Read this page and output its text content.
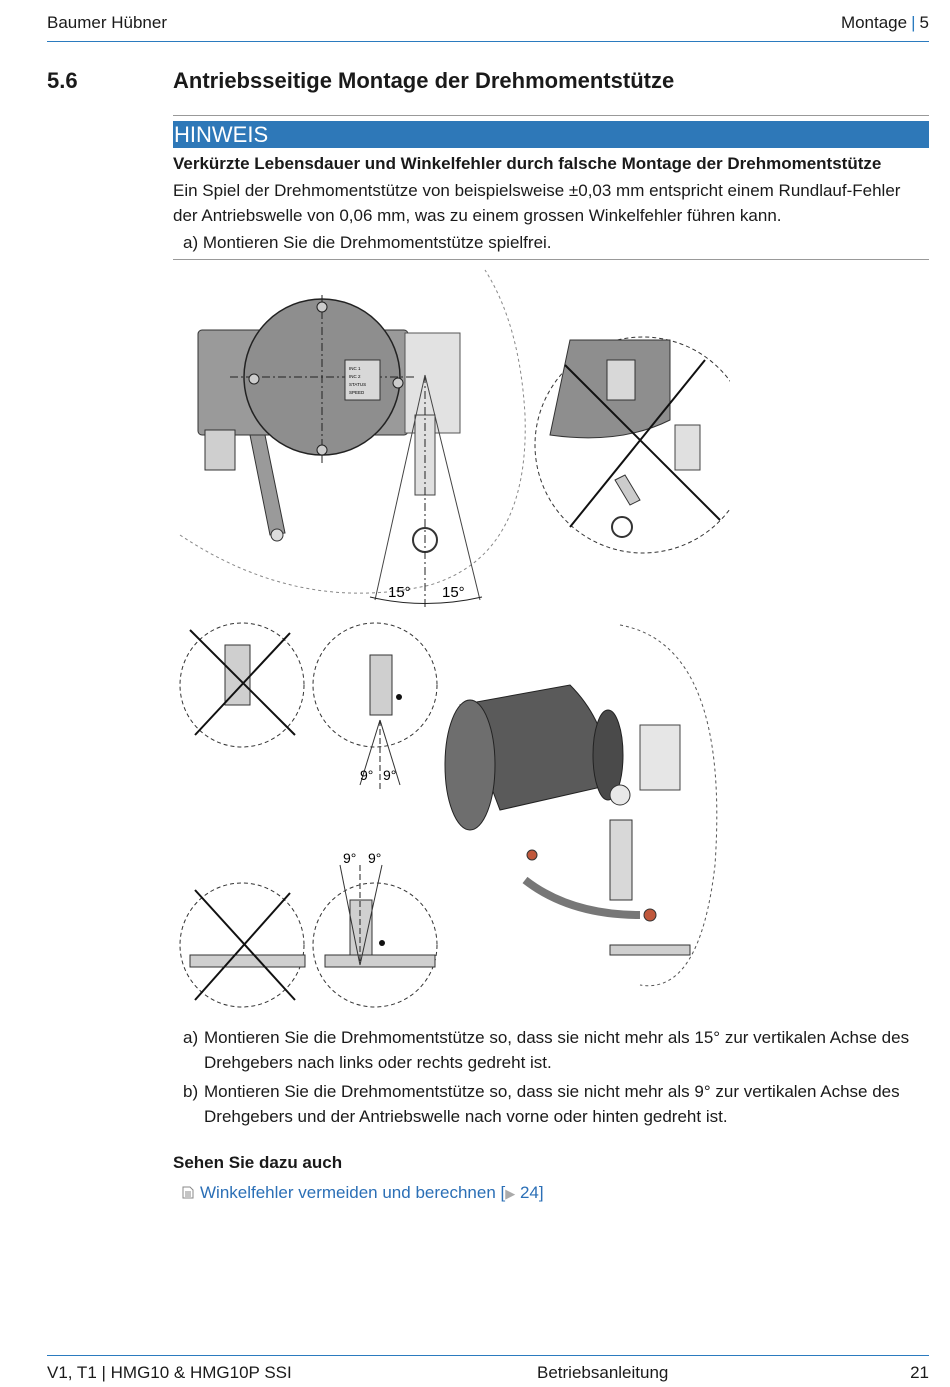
Baumer Hübner	Montage | 5
5.6	Antriebsseitige Montage der Drehmomentstütze
HINWEIS
Verkürzte Lebensdauer und Winkelfehler durch falsche Montage der Drehmomentstütze
Ein Spiel der Drehmomentstütze von beispielsweise ±0,03 mm entspricht einem Rundlauf-Fehler der Antriebswelle von 0,06 mm, was zu einem grossen Winkelfehler führen kann.
a) Montieren Sie die Drehmomentstütze spielfrei.
INC 1
INC 2
STATUS
SPEED
15° 15°
9° 9°
9° 9°
a) Montieren Sie die Drehmomentstütze so, dass sie nicht mehr als 15° zur vertikalen Achse des Drehgebers nach links oder rechts gedreht ist.
b) Montieren Sie die Drehmomentstütze so, dass sie nicht mehr als 9° zur vertikalen Achse des Drehgebers und der Antriebswelle nach vorne oder hinten gedreht ist.
Sehen Sie dazu auch
Winkelfehler vermeiden und berechnen [▶ 24]
V1, T1 | HMG10 & HMG10P SSI	Betriebsanleitung	21
